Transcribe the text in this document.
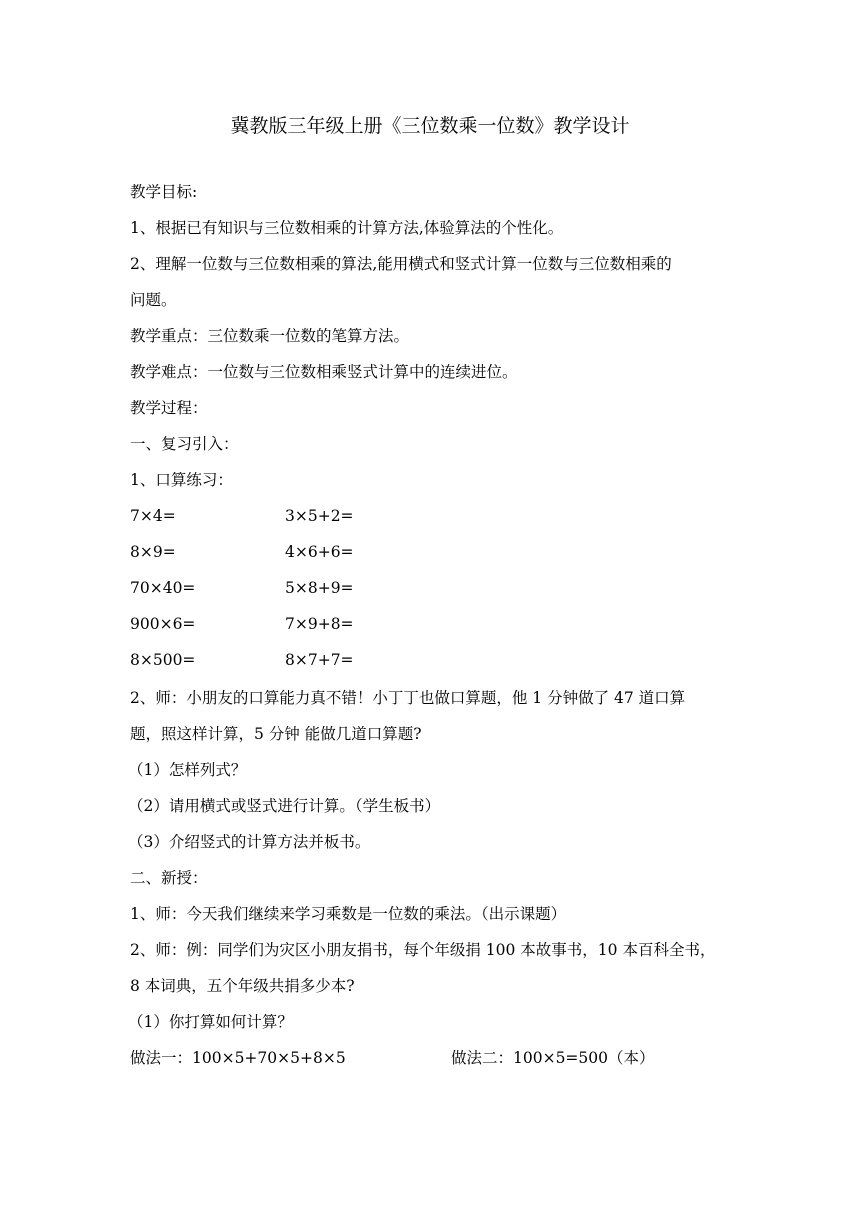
冀教版三年级上册《三位数乘一位数》教学设计
教学目标:
1、根据已有知识与三位数相乘的计算方法,体验算法的个性化。
2、理解一位数与三位数相乘的算法,能用横式和竖式计算一位数与三位数相乘的
问题。
教学重点：三位数乘一位数的笔算方法。
教学难点：一位数与三位数相乘竖式计算中的连续进位。
教学过程：
一、复习引入：
1、口算练习：
7×4=	3×5+2=
8×9=	4×6+6=
70×40=	5×8+9=
900×6=	7×9+8=
8×500=	8×7+7=
2、师：小朋友的口算能力真不错！小丁丁也做口算题，他 1 分钟做了 47 道口算
题，照这样计算，5 分钟 能做几道口算题?
（1）怎样列式？
（2）请用横式或竖式进行计算。（学生板书）
（3）介绍竖式的计算方法并板书。
二、新授：
1、师：今天我们继续来学习乘数是一位数的乘法。（出示课题）
2、师：例：同学们为灾区小朋友捐书，每个年级捐 100 本故事书，10 本百科全书，
8 本词典，五个年级共捐多少本?
（1）你打算如何计算？
做法一：100×5+70×5+8×5	做法二：100×5=500（本）
